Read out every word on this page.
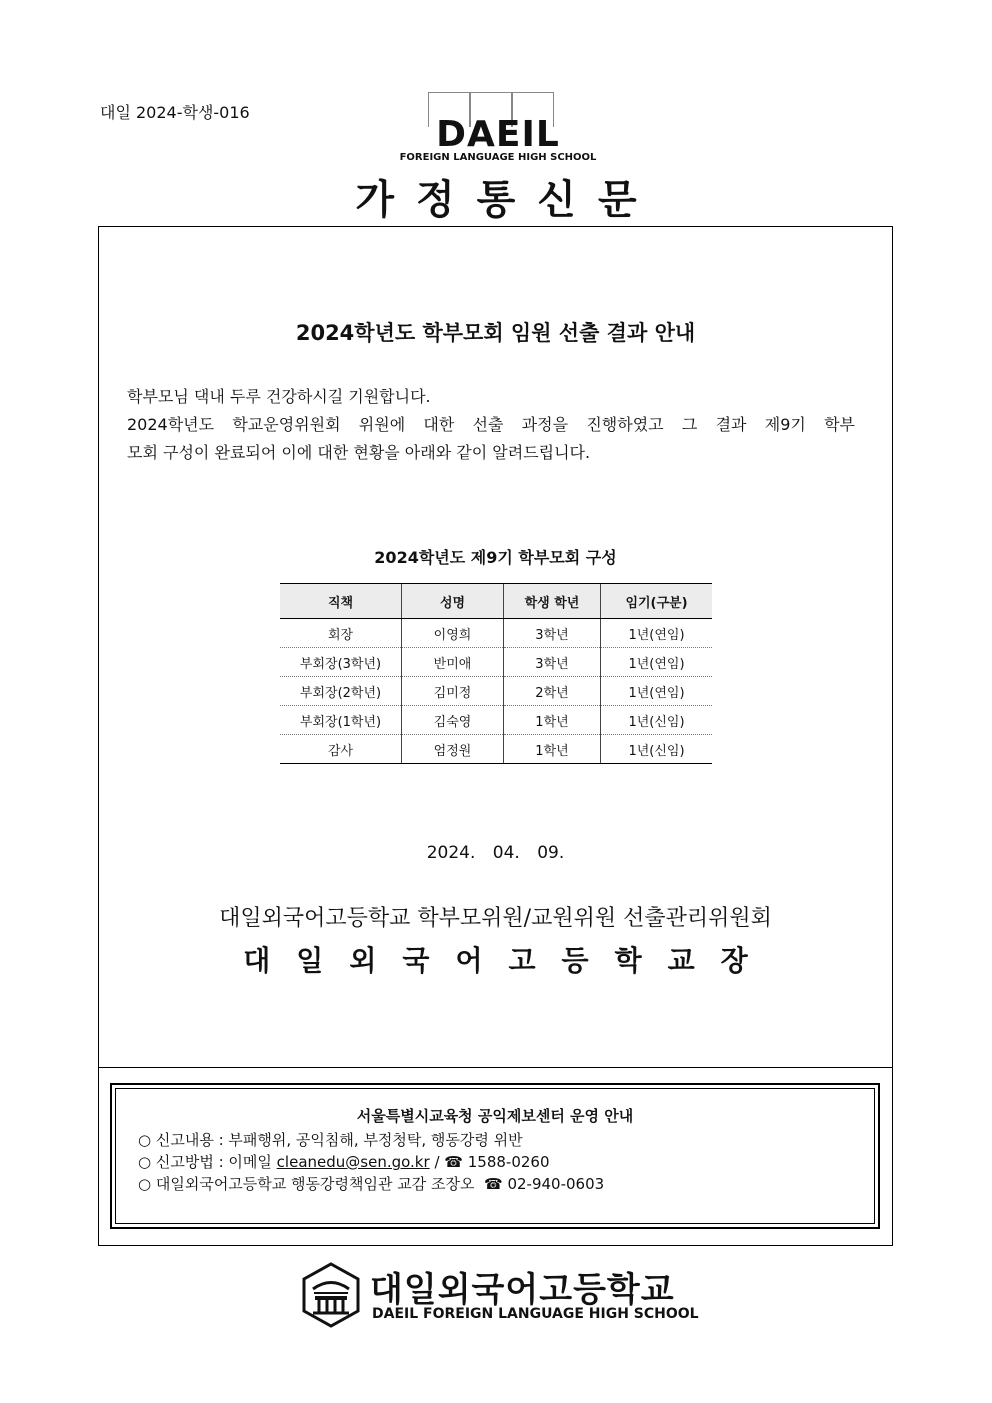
대일 2024-학생-016
DAEIL
FOREIGN LANGUAGE HIGH SCHOOL
가정통신문
2024학년도 학부모회 임원 선출 결과 안내

학부모님 댁내 두루 건강하시길 기원합니다.

2024학년도 학교운영위원회 위원에 대한 선출 과정을 진행하였고 그 결과 제9기 학부

모회 구성이 완료되어 이에 대한 현황을 아래와 같이 알려드립니다.

2024학년도 제9기 학부모회 구성
직책	성명	학생 학년	임기(구분)
회장	이영희	3학년	1년(연임)
부회장(3학년)	반미애	3학년	1년(연임)
부회장(2학년)	김미정	2학년	1년(연임)
부회장(1학년)	김숙영	1학년	1년(신임)
감사	엄정원	1학년	1년(신임)
2024. 04. 09.
대일외국어고등학교 학부모위원/교원위원 선출관리위원회
대일외국어고등학교장
서울특별시교육청 공익제보센터 운영 안내
○ 신고내용 : 부패행위, 공익침해, 부정청탁, 행동강령 위반
○ 신고방법 : 이메일 cleanedu@sen.go.kr / ☎ 1588-0260
○ 대일외국어고등학교 행동강령책임관 교감 조장오 ☎ 02-940-0603
대일외국어고등학교
DAEIL FOREIGN LANGUAGE HIGH SCHOOL
